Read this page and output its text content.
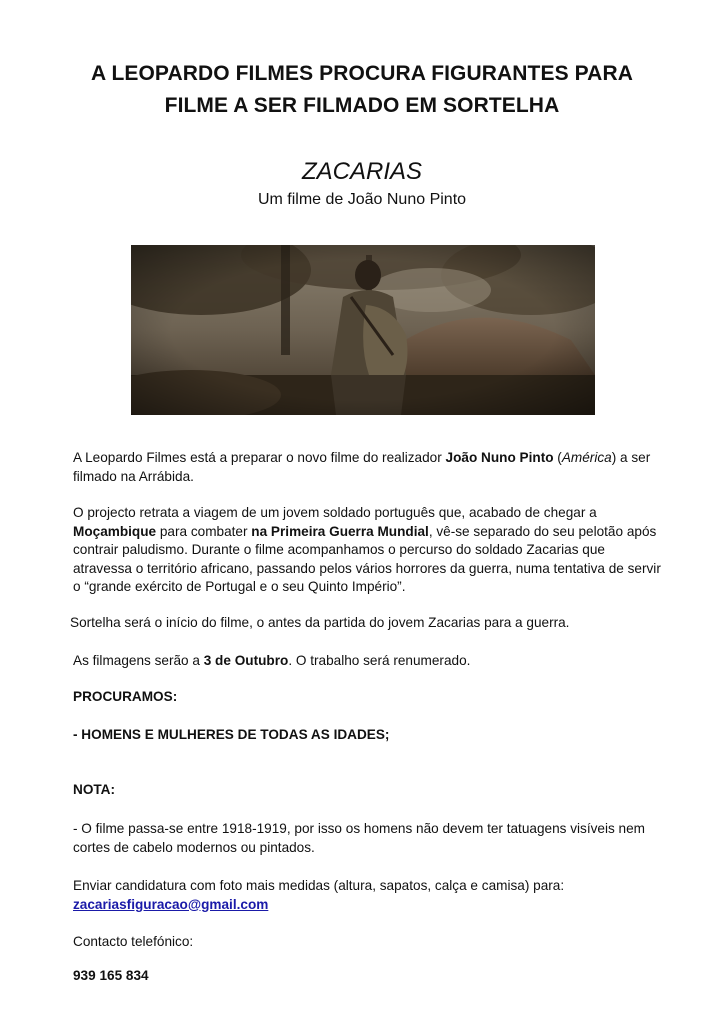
A LEOPARDO FILMES PROCURA FIGURANTES PARA
FILME A SER FILMADO EM SORTELHA
ZACARIAS
Um filme de João Nuno Pinto

A Leopardo Filmes está a preparar o novo filme do realizador João Nuno Pinto (América) a ser filmado na Arrábida.

O projecto retrata a viagem de um jovem soldado português que, acabado de chegar a Moçambique para combater na Primeira Guerra Mundial, vê-se separado do seu pelotão após contrair paludismo. Durante o filme acompanhamos o percurso do soldado Zacarias que atravessa o território africano, passando pelos vários horrores da guerra, numa tentativa de servir o “grande exército de Portugal e o seu Quinto Império”.

Sortelha será o início do filme, o antes da partida do jovem Zacarias para a guerra.

As filmagens serão a 3 de Outubro. O trabalho será renumerado.

PROCURAMOS:

- HOMENS E MULHERES DE TODAS AS IDADES;

NOTA:

- O filme passa-se entre 1918-1919, por isso os homens não devem ter tatuagens visíveis nem cortes de cabelo modernos ou pintados.

Enviar candidatura com foto mais medidas (altura, sapatos, calça e camisa) para:
zacariasfiguracao@gmail.com

Contacto telefónico:

939 165 834
